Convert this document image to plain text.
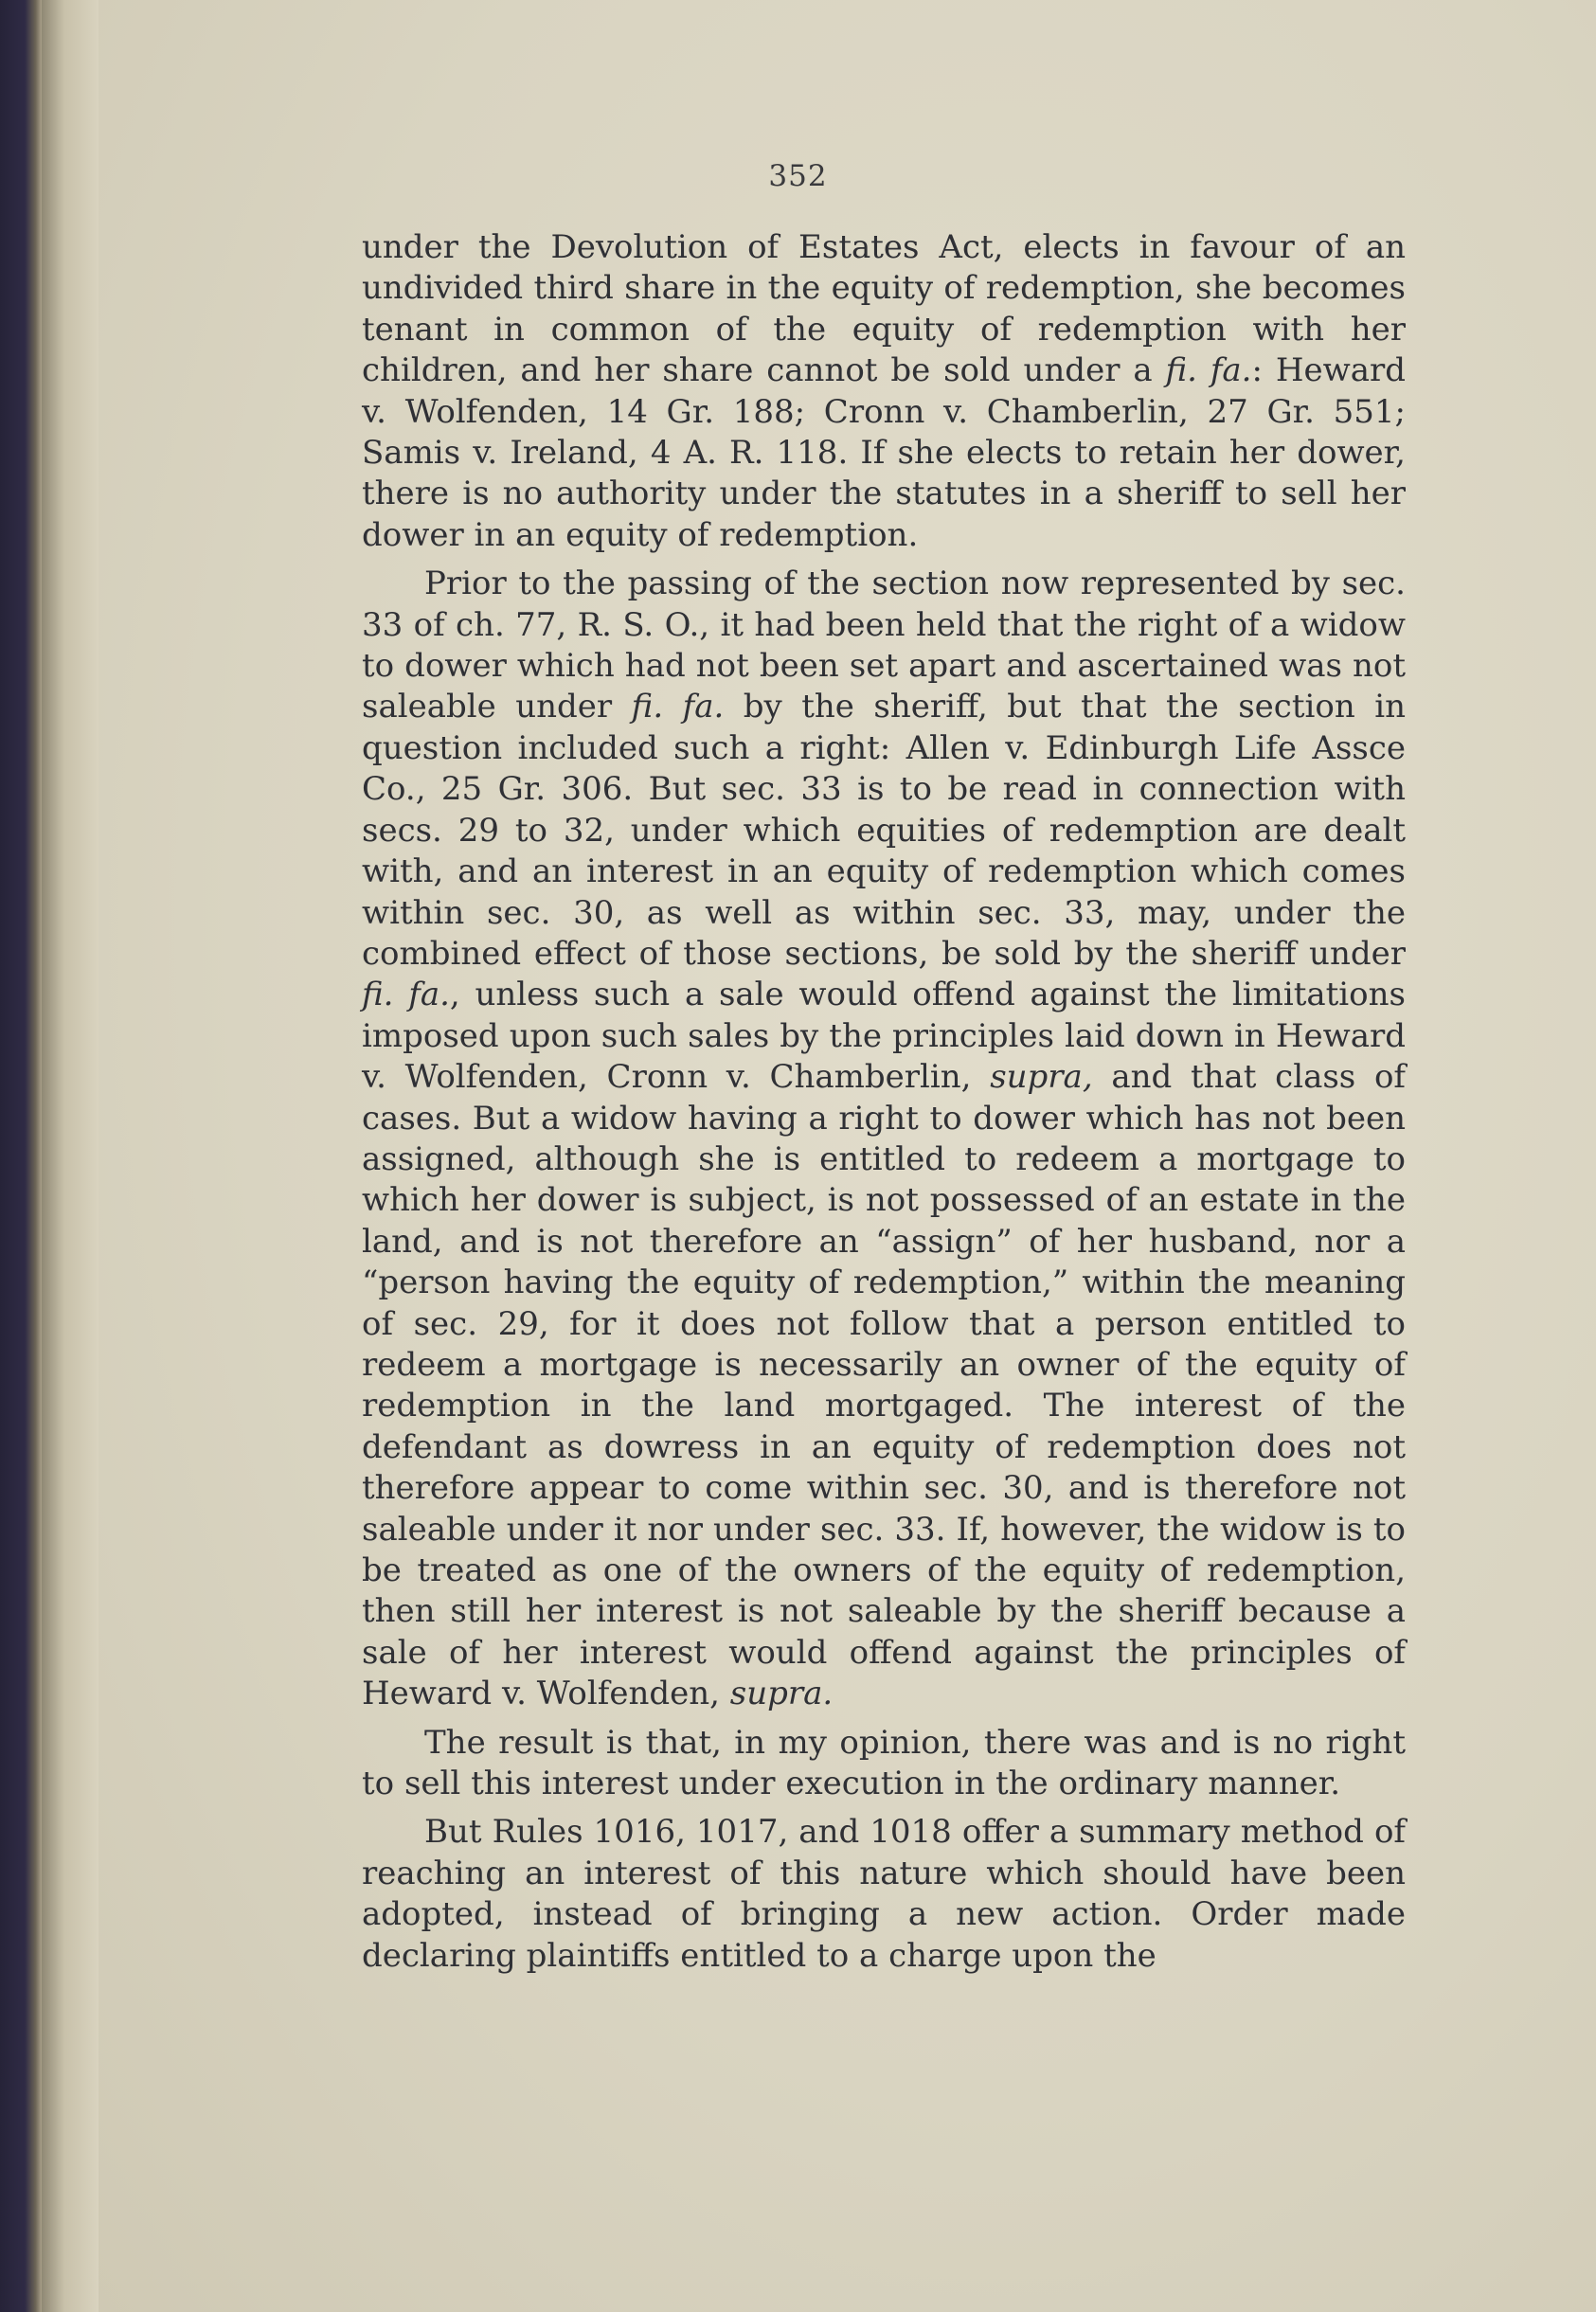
352

under the Devolution of Estates Act, elects in favour of an undivided third share in the equity of redemption, she becomes tenant in common of the equity of redemption with her children, and her share cannot be sold under a fi. fa.: Heward v. Wolfenden, 14 Gr. 188; Cronn v. Chamberlin, 27 Gr. 551; Samis v. Ireland, 4 A. R. 118. If she elects to retain her dower, there is no authority under the statutes in a sheriff to sell her dower in an equity of redemption.

Prior to the passing of the section now represented by sec. 33 of ch. 77, R. S. O., it had been held that the right of a widow to dower which had not been set apart and ascertained was not saleable under fi. fa. by the sheriff, but that the section in question included such a right: Allen v. Edinburgh Life Assce Co., 25 Gr. 306. But sec. 33 is to be read in connection with secs. 29 to 32, under which equities of redemption are dealt with, and an interest in an equity of redemption which comes within sec. 30, as well as within sec. 33, may, under the combined effect of those sections, be sold by the sheriff under fi. fa., unless such a sale would offend against the limitations imposed upon such sales by the principles laid down in Heward v. Wolfenden, Cronn v. Chamberlin, supra, and that class of cases. But a widow having a right to dower which has not been assigned, although she is entitled to redeem a mortgage to which her dower is subject, is not possessed of an estate in the land, and is not therefore an “assign” of her husband, nor a “person having the equity of redemption,” within the meaning of sec. 29, for it does not follow that a person entitled to redeem a mortgage is necessarily an owner of the equity of redemption in the land mortgaged. The interest of the defendant as dowress in an equity of redemption does not therefore appear to come within sec. 30, and is therefore not saleable under it nor under sec. 33. If, however, the widow is to be treated as one of the owners of the equity of redemption, then still her interest is not saleable by the sheriff because a sale of her interest would offend against the principles of Heward v. Wolfenden, supra.

The result is that, in my opinion, there was and is no right to sell this interest under execution in the ordinary manner.

But Rules 1016, 1017, and 1018 offer a summary method of reaching an interest of this nature which should have been adopted, instead of bringing a new action. Order made declaring plaintiffs entitled to a charge upon the
